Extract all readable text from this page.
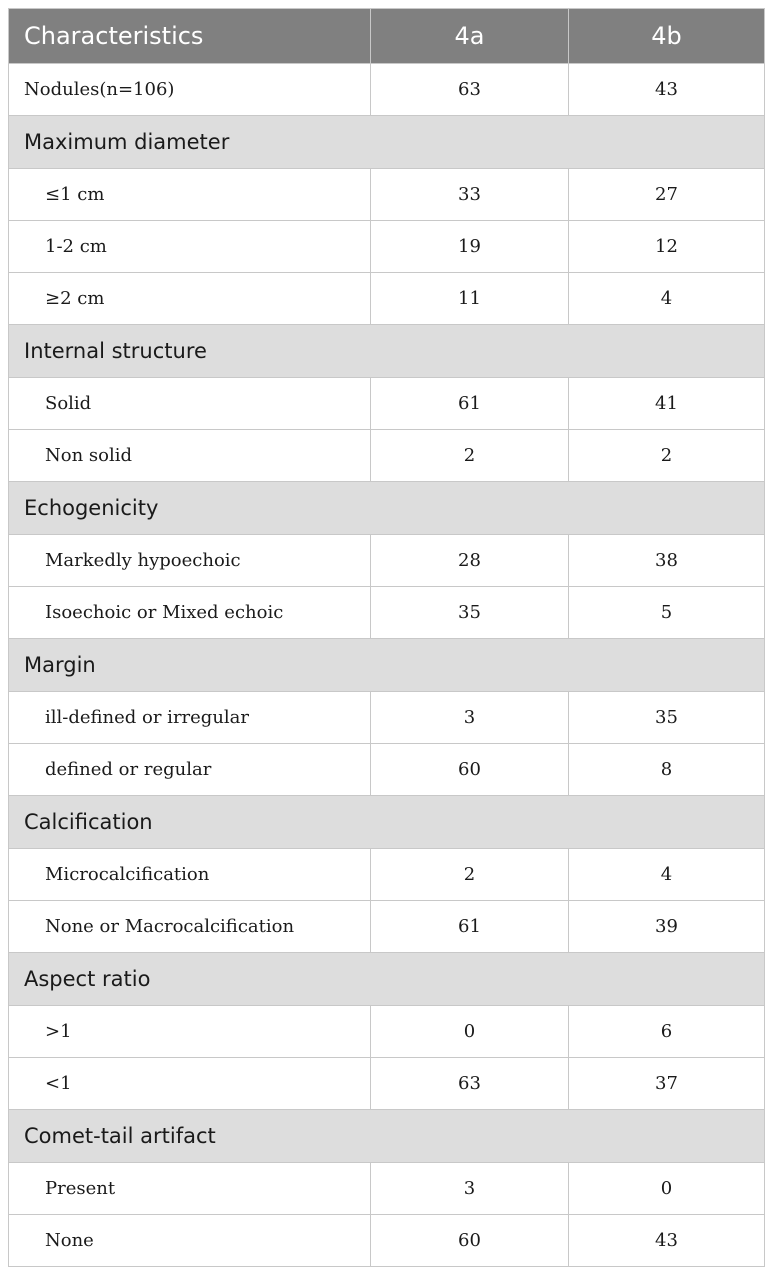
Characteristics	4a	4b
Nodules(n=106)	63	43
Maximum diameter		
≤1 cm	33	27
1-2 cm	19	12
≥2 cm	11	4
Internal structure		
Solid	61	41
Non solid	2	2
Echogenicity		
Markedly hypoechoic	28	38
Isoechoic or Mixed echoic	35	5
Margin		
ill-defined or irregular	3	35
defined or regular	60	8
Calcification		
Microcalcification	2	4
None or Macrocalcification	61	39
Aspect ratio		
>1	0	6
<1	63	37
Comet-tail artifact		
Present	3	0
None	60	43
